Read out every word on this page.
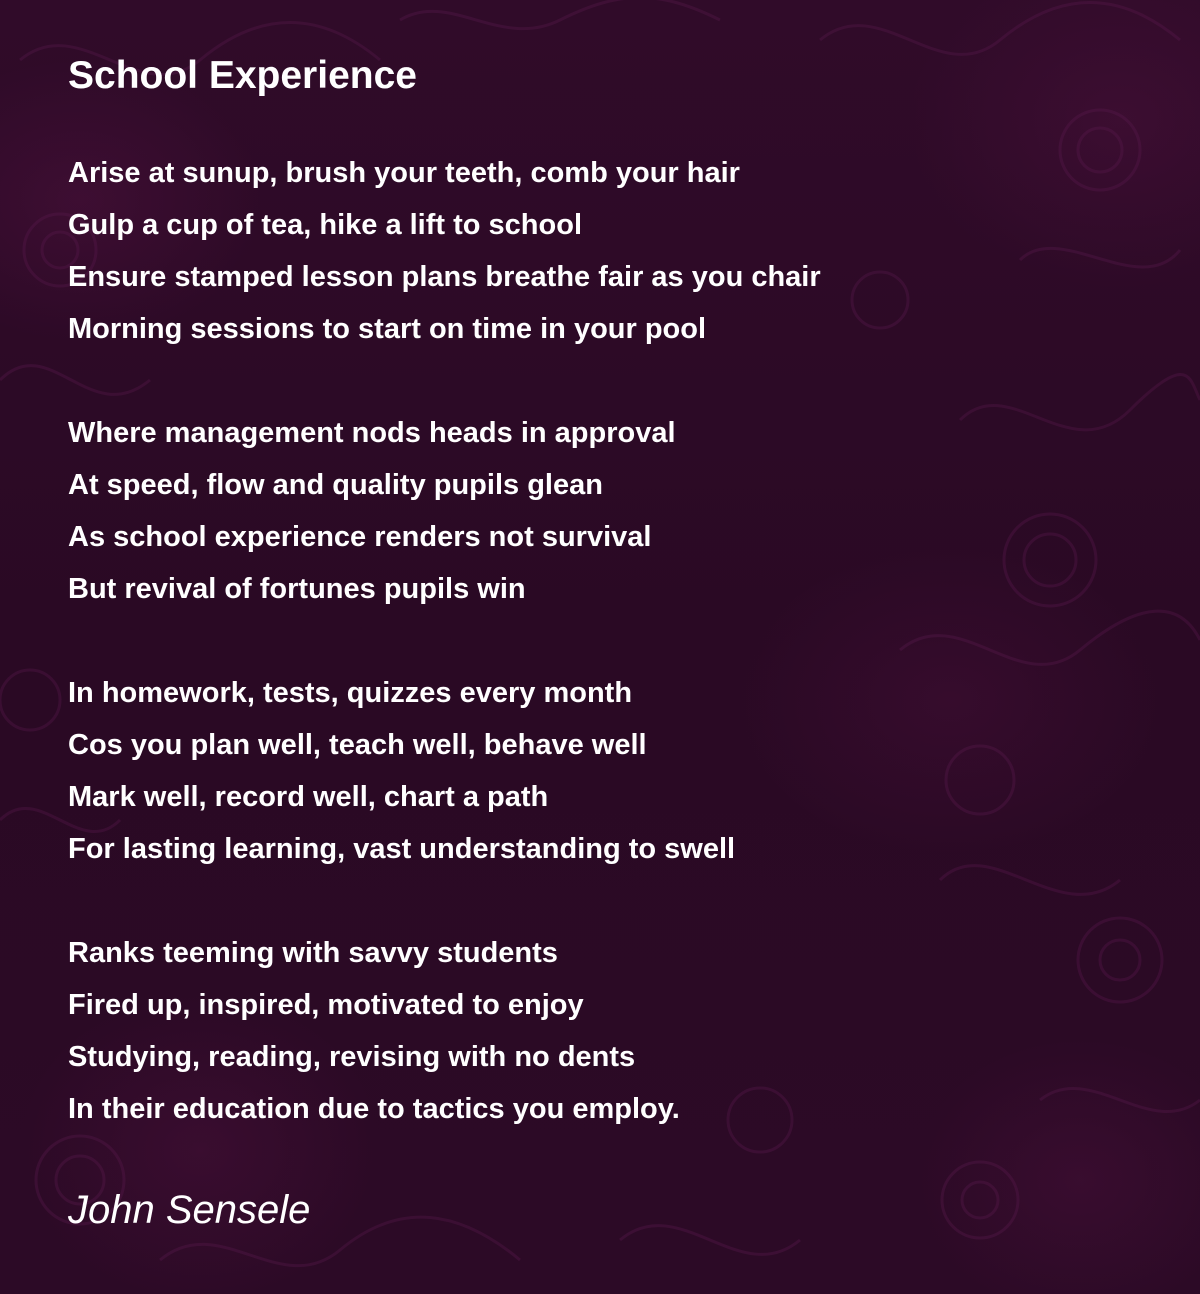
School Experience
Arise at sunup, brush your teeth, comb your hair
Gulp a cup of tea, hike a lift to school
Ensure stamped lesson plans breathe fair as you chair
Morning sessions to start on time in your pool
Where management nods heads in approval
At speed, flow and quality pupils glean
As school experience renders not survival
But revival of fortunes pupils win
In homework, tests, quizzes every month
Cos you plan well, teach well, behave well
Mark well, record well, chart a path
For lasting learning, vast understanding to swell
Ranks teeming with savvy students
Fired up, inspired, motivated to enjoy
Studying, reading, revising with no dents
In their education due to tactics you employ.
John Sensele
